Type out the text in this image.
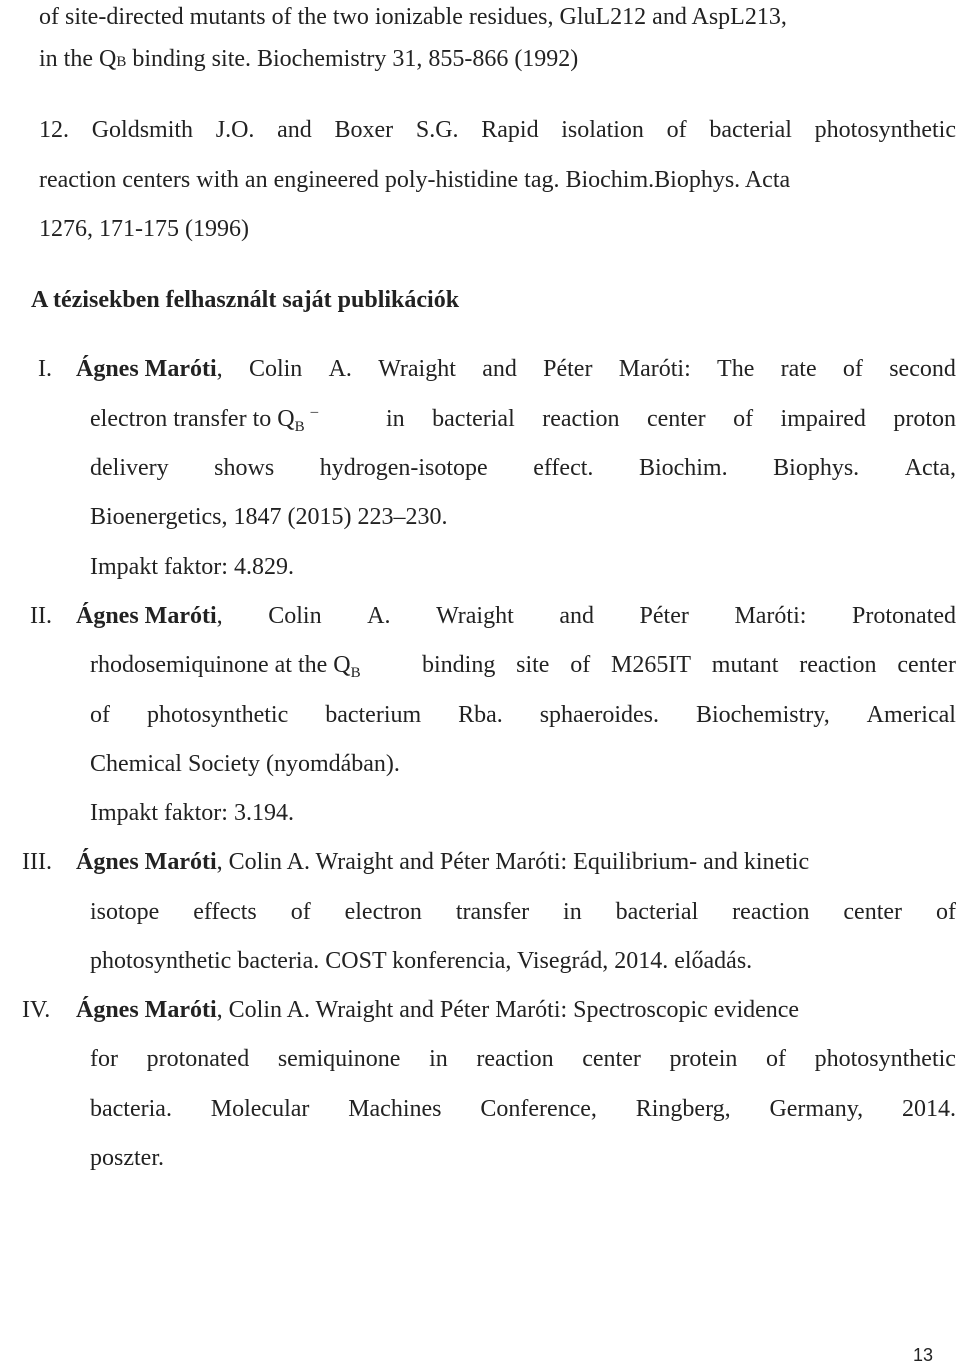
of site-directed mutants of the two ionizable residues, GluL212 and AspL213,
in the Q B binding site. Biochemistry 31, 855-866 (1992)
12. Goldsmith J.O. and Boxer S.G. Rapid isolation of bacterial photosynthetic
reaction centers with an engineered poly-histidine tag. Biochim.Biophys. Acta
1276, 171-175 (1996)
A tézisekben felhasznált saját publikációk
I. Ágnes Maróti , Colin A. Wraight and Péter Maróti: The rate of second
electron transfer to $Q_B^-$	in bacterial reaction center of impaired proton
delivery shows hydrogen-isotope effect. Biochim. Biophys. Acta,
Bioenergetics, 1847 (2015) 223–230.
Impakt faktor: 4.829.
II. Ágnes Maróti , Colin A. Wraight and Péter Maróti: Protonated
rhodosemiquinone at the $Q_B$	binding site of M265IT mutant reaction center
of photosynthetic bacterium Rba. sphaeroides. Biochemistry, Americal
Chemical Society (nyomdában).
Impakt faktor: 3.194.
III. Ágnes Maróti , Colin A. Wraight and Péter Maróti: Equilibrium- and kinetic
isotope effects of electron transfer in bacterial reaction center of
photosynthetic bacteria. COST konferencia, Visegrád, 2014. előadás.
IV. Ágnes Maróti , Colin A. Wraight and Péter Maróti: Spectroscopic evidence
for protonated semiquinone in reaction center protein of photosynthetic
bacteria. Molecular Machines Conference, Ringberg, Germany, 2014.
poszter.
13
